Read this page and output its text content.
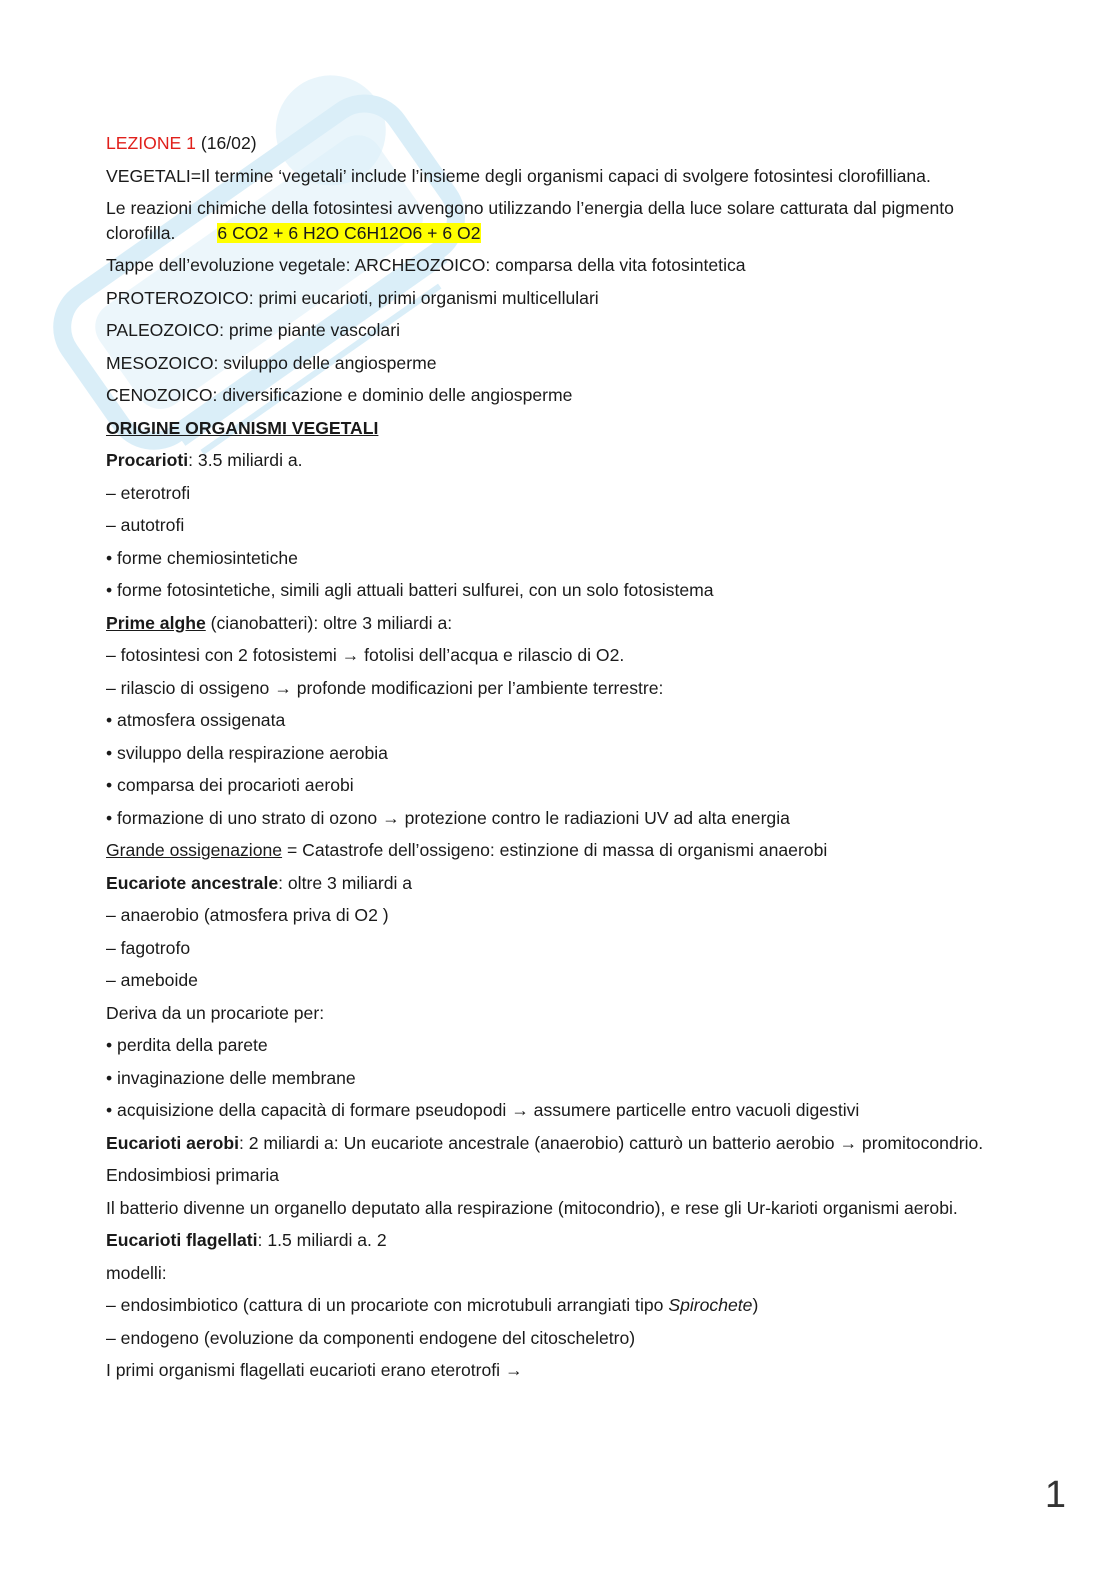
LEZIONE 1 (16/02)
VEGETALI=Il termine ‘vegetali’ include l’insieme degli organismi capaci di svolgere fotosintesi clorofilliana.
Le reazioni chimiche della fotosintesi avvengono utilizzando l’energia della luce solare catturata dal pigmento clorofilla. 6 CO2 + 6 H2O C6H12O6 + 6 O2
Tappe dell’evoluzione vegetale: ARCHEOZOICO: comparsa della vita fotosintetica
PROTEROZOICO: primi eucarioti, primi organismi multicellulari
PALEOZOICO: prime piante vascolari
MESOZOICO: sviluppo delle angiosperme
CENOZOICO: diversificazione e dominio delle angiosperme
ORIGINE ORGANISMI VEGETALI
Procarioti: 3.5 miliardi a.
– eterotrofi
– autotrofi
• forme chemiosintetiche
• forme fotosintetiche, simili agli attuali batteri sulfurei, con un solo fotosistema
Prime alghe (cianobatteri): oltre 3 miliardi a:
– fotosintesi con 2 fotosistemi → fotolisi dell’acqua e rilascio di O2.
– rilascio di ossigeno → profonde modificazioni per l’ambiente terrestre:
• atmosfera ossigenata
• sviluppo della respirazione aerobia
• comparsa dei procarioti aerobi
• formazione di uno strato di ozono → protezione contro le radiazioni UV ad alta energia
Grande ossigenazione = Catastrofe dell’ossigeno: estinzione di massa di organismi anaerobi
Eucariote ancestrale: oltre 3 miliardi a
– anaerobio (atmosfera priva di O2 )
– fagotrofo
– ameboide
Deriva da un procariote per:
• perdita della parete
• invaginazione delle membrane
• acquisizione della capacità di formare pseudopodi → assumere particelle entro vacuoli digestivi
Eucarioti aerobi: 2 miliardi a: Un eucariote ancestrale (anaerobio) catturò un batterio aerobio → promitocondrio.
Endosimbiosi primaria
Il batterio divenne un organello deputato alla respirazione (mitocondrio), e rese gli Ur-karioti organismi aerobi.
Eucarioti flagellati: 1.5 miliardi a. 2
modelli:
– endosimbiotico (cattura di un procariote con microtubuli arrangiati tipo Spirochete)
– endogeno (evoluzione da componenti endogene del citoscheletro)
I primi organismi flagellati eucarioti erano eterotrofi →
1
